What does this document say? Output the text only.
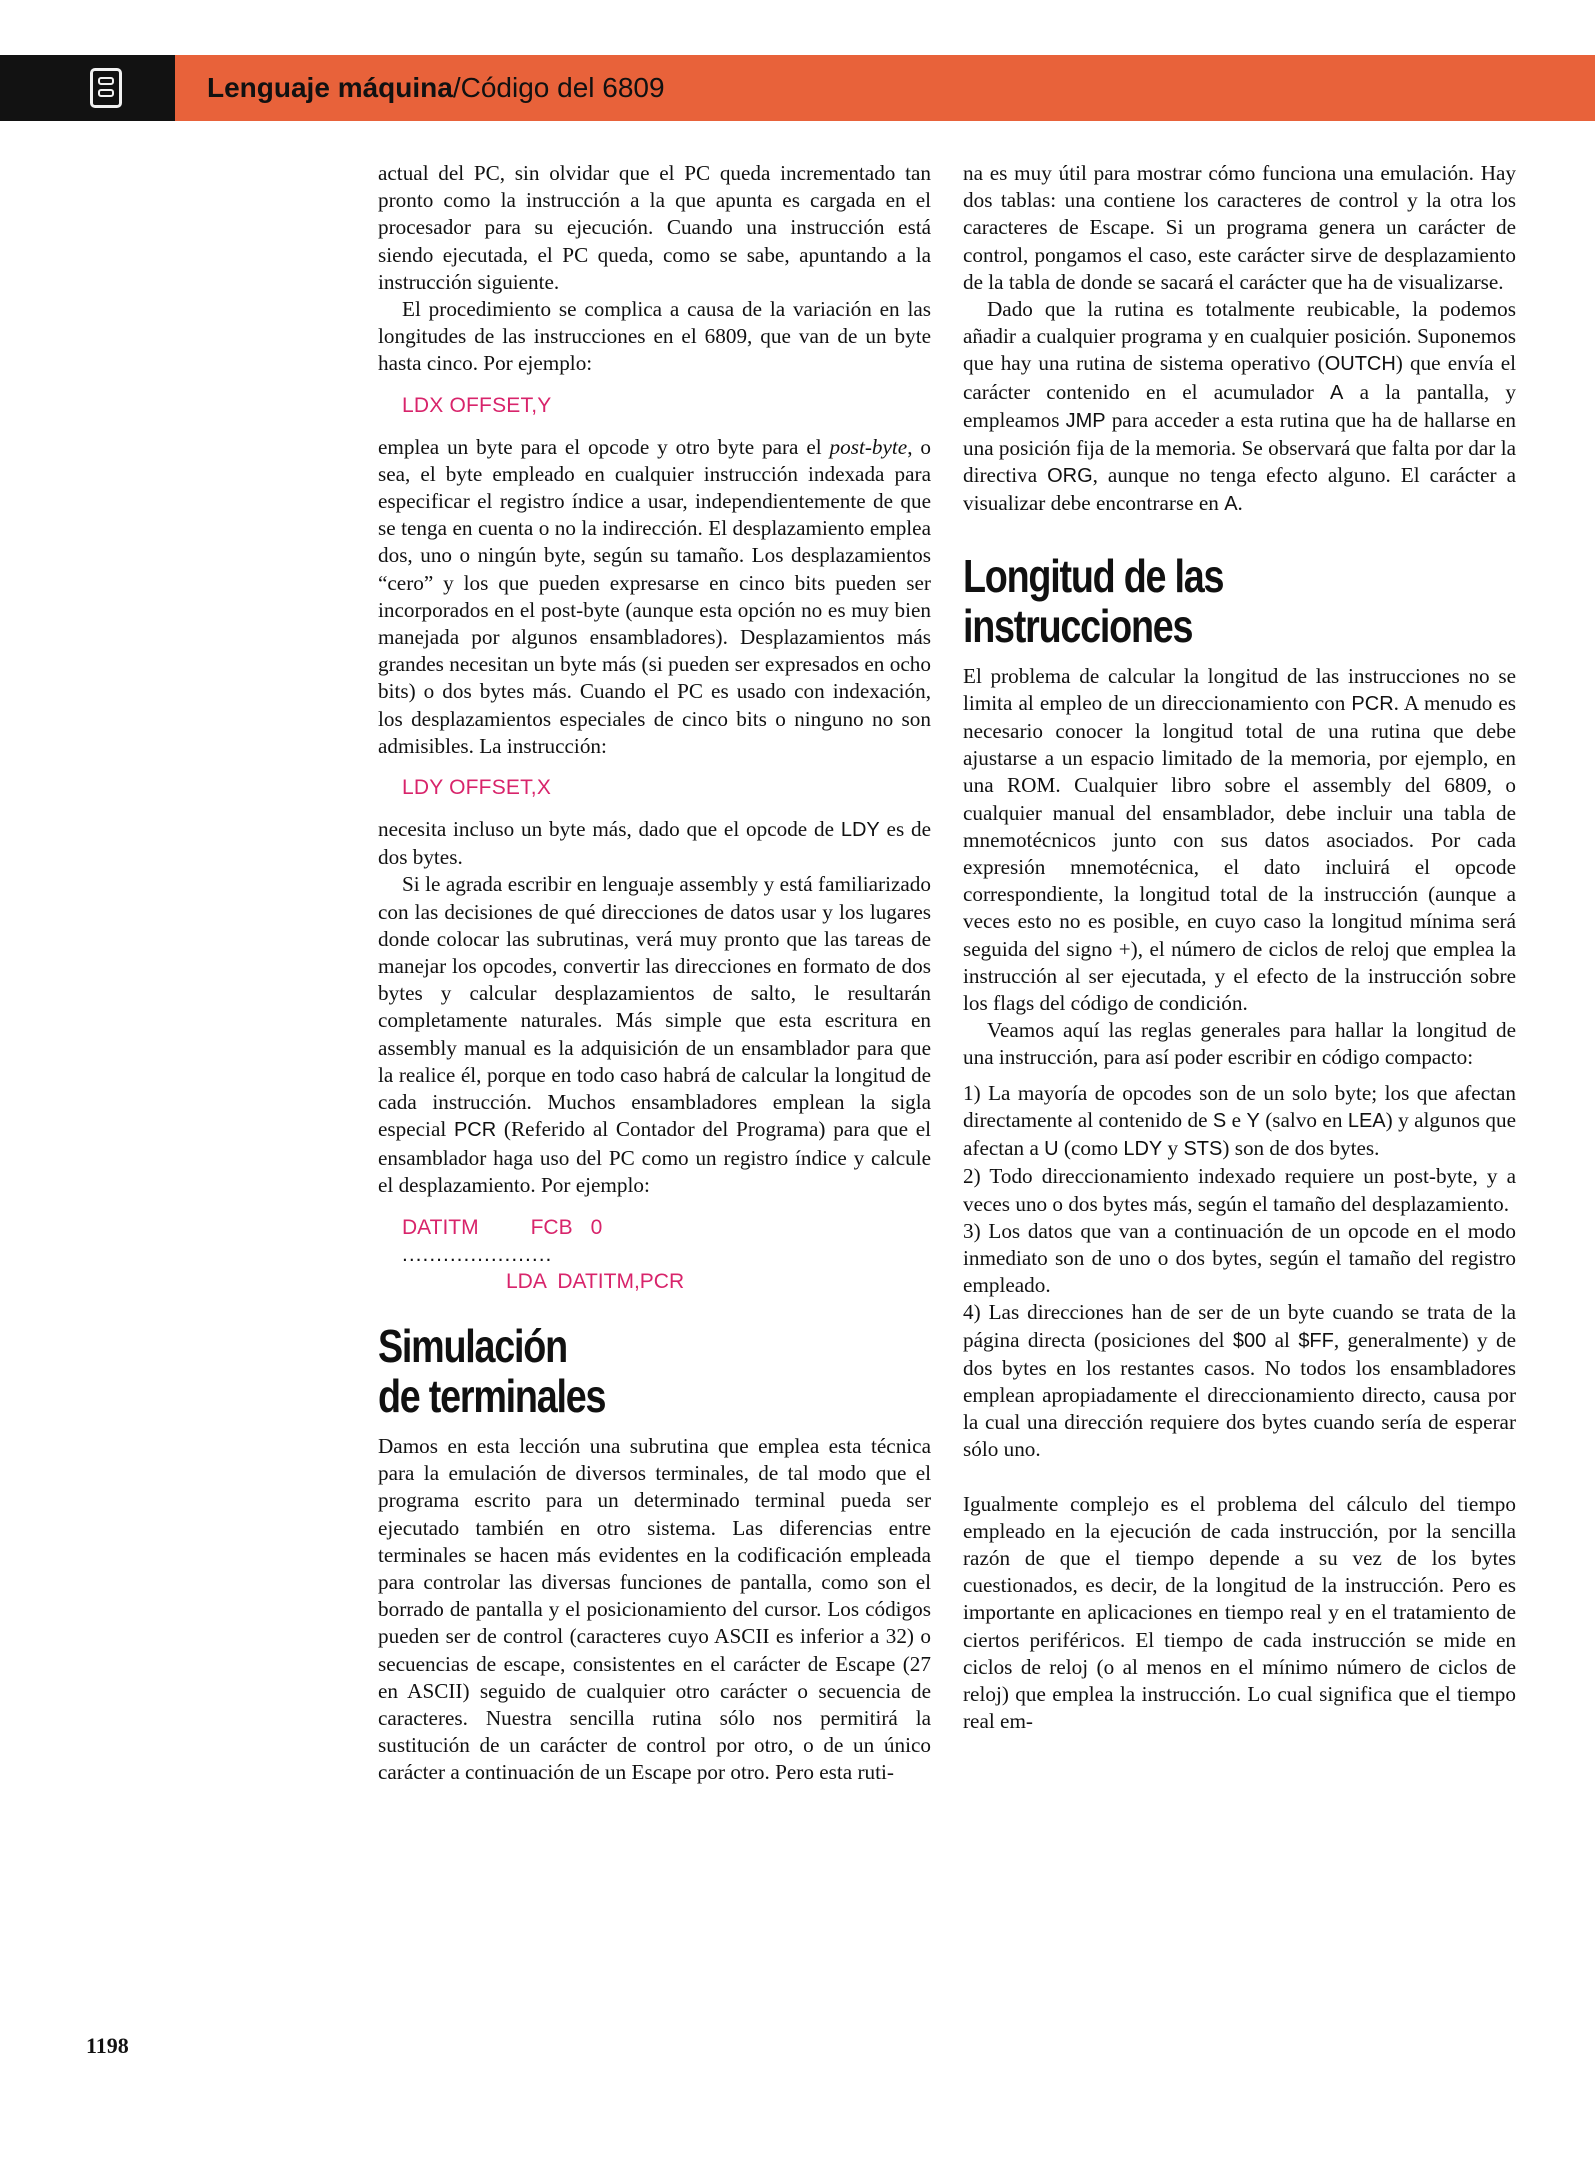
Lenguaje máquina/Código del 6809

actual del PC, sin olvidar que el PC queda incrementado tan pronto como la instrucción a la que apunta es cargada en el procesador para su ejecución. Cuando una instrucción está siendo ejecutada, el PC queda, como se sabe, apuntando a la instrucción siguiente.

El procedimiento se complica a causa de la variación en las longitudes de las instrucciones en el 6809, que van de un byte hasta cinco. Por ejemplo:

LDX OFFSET,Y

emplea un byte para el opcode y otro byte para el post-byte, o sea, el byte empleado en cualquier instrucción indexada para especificar el registro índice a usar, independientemente de que se tenga en cuenta o no la indirección. El desplazamiento emplea dos, uno o ningún byte, según su tamaño. Los desplazamientos “cero” y los que pueden expresarse en cinco bits pueden ser incorporados en el post-byte (aunque esta opción no es muy bien manejada por algunos ensambladores). Desplazamientos más grandes necesitan un byte más (si pueden ser expresados en ocho bits) o dos bytes más. Cuando el PC es usado con indexación, los desplazamientos especiales de cinco bits o ninguno no son admisibles. La instrucción:

LDY OFFSET,X

necesita incluso un byte más, dado que el opcode de LDY es de dos bytes.

Si le agrada escribir en lenguaje assembly y está familiarizado con las decisiones de qué direcciones de datos usar y los lugares donde colocar las subrutinas, verá muy pronto que las tareas de manejar los opcodes, convertir las direcciones en formato de dos bytes y calcular desplazamientos de salto, le resultarán completamente naturales. Más simple que esta escritura en assembly manual es la adquisición de un ensamblador para que la realice él, porque en todo caso habrá de calcular la longitud de cada instrucción. Muchos ensambladores emplean la sigla especial PCR (Referido al Contador del Programa) para que el ensamblador haga uso del PC como un registro índice y calcule el desplazamiento. Por ejemplo:

DATITM FCB 0
......................
LDA  DATITM,PCR
Simulación
de terminales

Damos en esta lección una subrutina que emplea esta técnica para la emulación de diversos terminales, de tal modo que el programa escrito para un determinado terminal pueda ser ejecutado también en otro sistema. Las diferencias entre terminales se hacen más evidentes en la codificación empleada para controlar las diversas funciones de pantalla, como son el borrado de pantalla y el posicionamiento del cursor. Los códigos pueden ser de control (caracteres cuyo ASCII es inferior a 32) o secuencias de escape, consistentes en el carácter de Escape (27 en ASCII) seguido de cualquier otro carácter o secuencia de caracteres. Nuestra sencilla rutina sólo nos permitirá la sustitución de un carácter de control por otro, o de un único carácter a continuación de un Escape por otro. Pero esta ruti-

na es muy útil para mostrar cómo funciona una emulación. Hay dos tablas: una contiene los caracteres de control y la otra los caracteres de Escape. Si un programa genera un carácter de control, pongamos el caso, este carácter sirve de desplazamiento de la tabla de donde se sacará el carácter que ha de visualizarse.

Dado que la rutina es totalmente reubicable, la podemos añadir a cualquier programa y en cualquier posición. Suponemos que hay una rutina de sistema operativo (OUTCH) que envía el carácter contenido en el acumulador A a la pantalla, y empleamos JMP para acceder a esta rutina que ha de hallarse en una posición fija de la memoria. Se observará que falta por dar la directiva ORG, aunque no tenga efecto alguno. El carácter a visualizar debe encontrarse en A.

Longitud de las
instrucciones

El problema de calcular la longitud de las instrucciones no se limita al empleo de un direccionamiento con PCR. A menudo es necesario conocer la longitud total de una rutina que debe ajustarse a un espacio limitado de la memoria, por ejemplo, en una ROM. Cualquier libro sobre el assembly del 6809, o cualquier manual del ensamblador, debe incluir una tabla de mnemotécnicos junto con sus datos asociados. Por cada expresión mnemotécnica, el dato incluirá el opcode correspondiente, la longitud total de la instrucción (aunque a veces esto no es posible, en cuyo caso la longitud mínima será seguida del signo +), el número de ciclos de reloj que emplea la instrucción al ser ejecutada, y el efecto de la instrucción sobre los flags del código de condición.

Veamos aquí las reglas generales para hallar la longitud de una instrucción, para así poder escribir en código compacto:

1) La mayoría de opcodes son de un solo byte; los que afectan directamente al contenido de S e Y (salvo en LEA) y algunos que afectan a U (como LDY y STS) son de dos bytes.

2) Todo direccionamiento indexado requiere un post-byte, y a veces uno o dos bytes más, según el tamaño del desplazamiento.

3) Los datos que van a continuación de un opcode en el modo inmediato son de uno o dos bytes, según el tamaño del registro empleado.

4) Las direcciones han de ser de un byte cuando se trata de la página directa (posiciones del $00 al $FF, generalmente) y de dos bytes en los restantes casos. No todos los ensambladores emplean apropiadamente el direccionamiento directo, causa por la cual una dirección requiere dos bytes cuando sería de esperar sólo uno.

Igualmente complejo es el problema del cálculo del tiempo empleado en la ejecución de cada instrucción, por la sencilla razón de que el tiempo depende a su vez de los bytes cuestionados, es decir, de la longitud de la instrucción. Pero es importante en aplicaciones en tiempo real y en el tratamiento de ciertos periféricos. El tiempo de cada instrucción se mide en ciclos de reloj (o al menos en el mínimo número de ciclos de reloj) que emplea la instrucción. Lo cual significa que el tiempo real em-

1198
